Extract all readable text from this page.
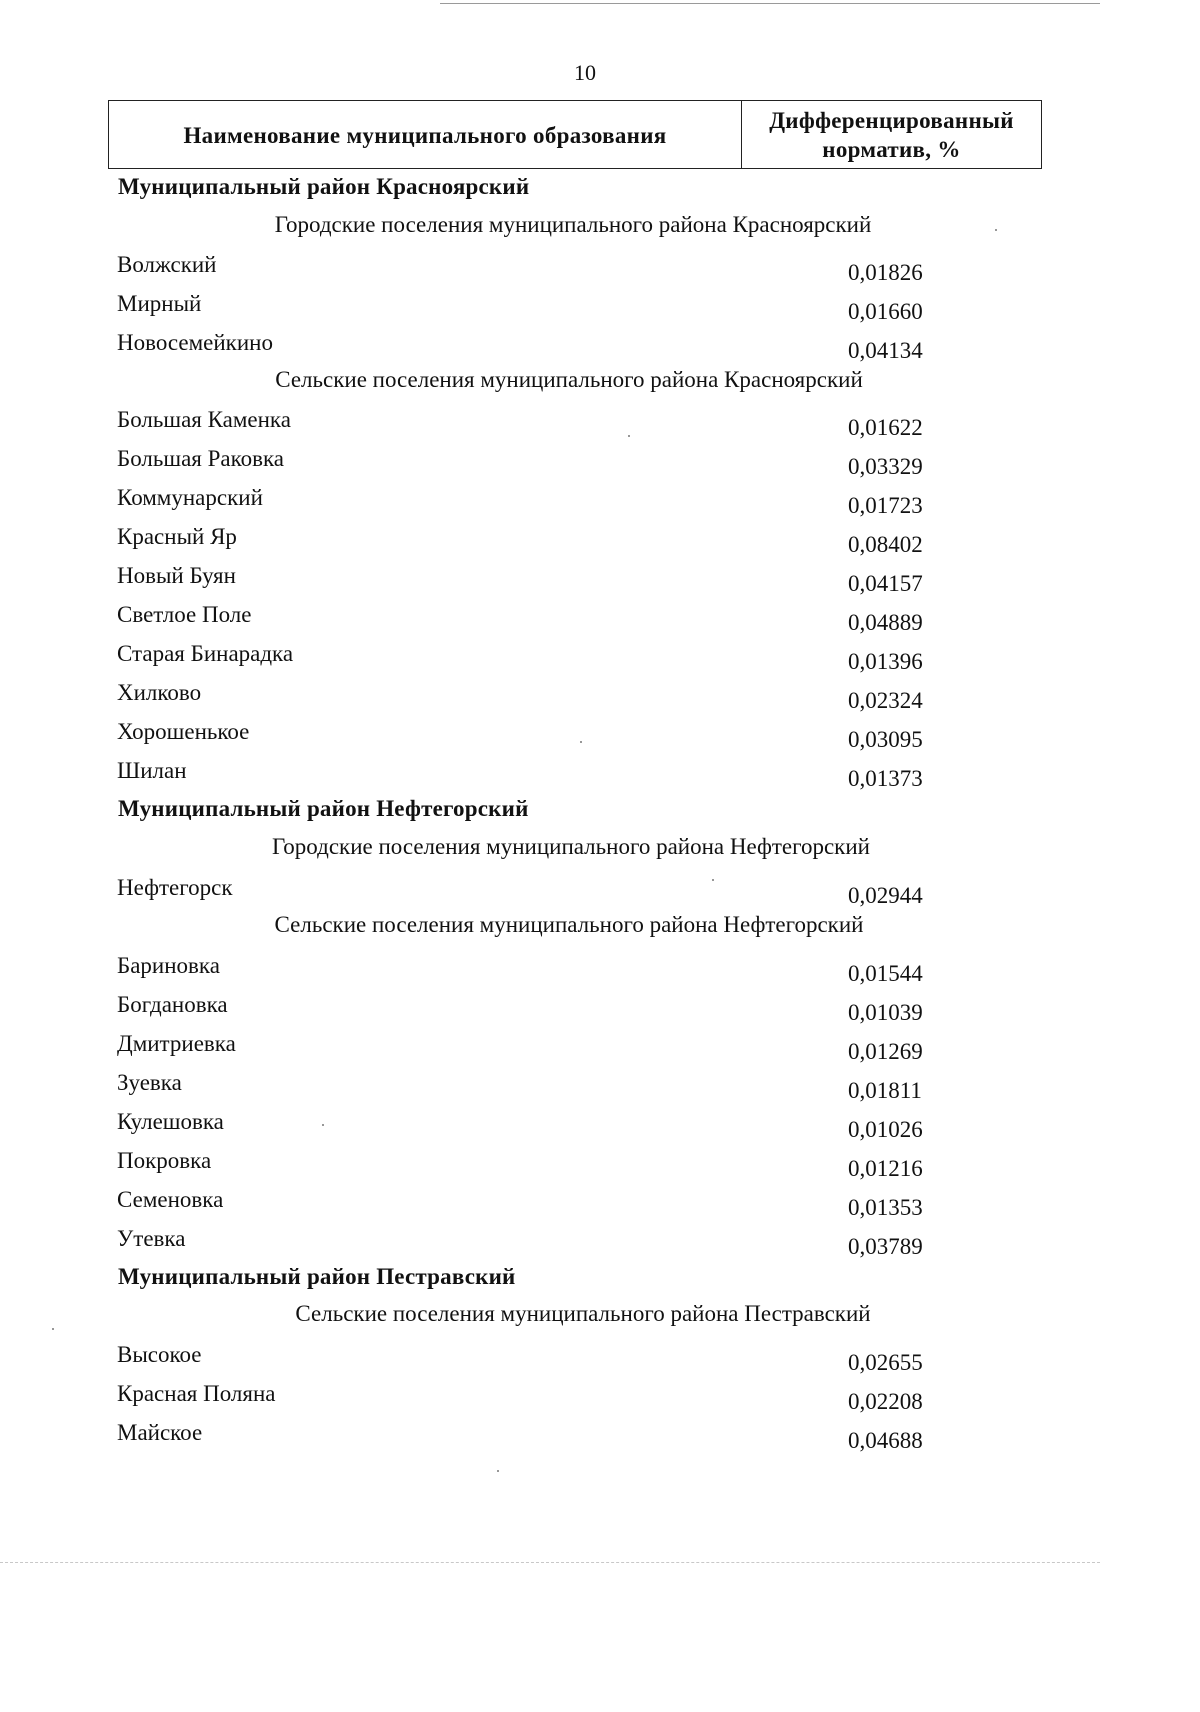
10
Наименование муниципального образования
Дифференцированный
норматив, %
Муниципальный район Красноярский
Городские поселения муниципального района Красноярский
Волжский	0,01826
Мирный	0,01660
Новосемейкино	0,04134
Сельские поселения муниципального района Красноярский
Большая Каменка	0,01622
Большая Раковка	0,03329
Коммунарский	0,01723
Красный Яр	0,08402
Новый Буян	0,04157
Светлое Поле	0,04889
Старая Бинарадка	0,01396
Хилково	0,02324
Хорошенькое	0,03095
Шилан	0,01373
Муниципальный район Нефтегорский
Городские поселения муниципального района Нефтегорский
Нефтегорск	0,02944
Сельские поселения муниципального района Нефтегорский
Бариновка	0,01544
Богдановка	0,01039
Дмитриевка	0,01269
Зуевка	0,01811
Кулешовка	0,01026
Покровка	0,01216
Семеновка	0,01353
Утевка	0,03789
Муниципальный район Пестравский
Сельские поселения муниципального района Пестравский
Высокое	0,02655
Красная Поляна	0,02208
Майское	0,04688
